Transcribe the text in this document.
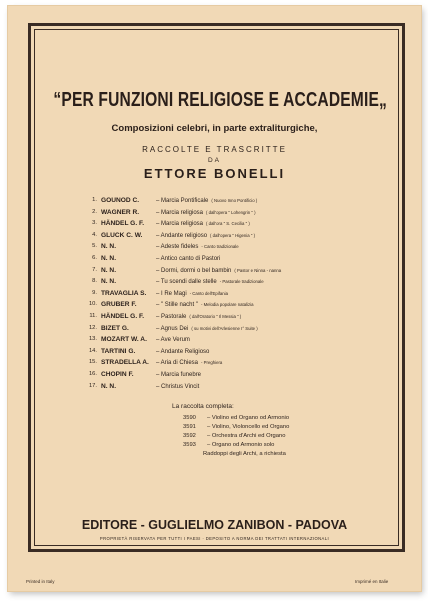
“PER FUNZIONI RELIGIOSE E ACCADEMIE„
Composizioni celebri, in parte extraliturgiche,
RACCOLTE E TRASCRITTE
DA
ETTORE BONELLI
1. GOUNOD C.	– Marcia Pontificale ( Nuovo Inno Pontificio )
2. WAGNER R.	– Marcia religiosa ( dall'opera " Lohengrin " )
3. HÄNDEL G. F. – Marcia religiosa ( dall'ora " S. Cecilia " )
4. GLUCK C. W. – Andante religioso ( dall'opera " Higenia " )
5. N. N.	– Adeste fideles - Canto tradizionale
6. N. N.	– Antico canto di Pastori
7. N. N.	– Dormi, dormi o bel bambin ( Pastor e Ninna - nanna
8. N. N.	– Tu scendi dalle stelle - Pastorale tradizionale
9. TRAVAGLIA S. – I Re Magi - Canto dell'Epifania
10. GRUBER F.	– " Stille nacht " - Melodia popolare natalizia
11. HÄNDEL G. F. – Pastorale ( dall'Oratorio " Il Messia " )
12. BIZET G.	– Agnus Dei ( su motivi dell'Arlesienne I° Suite )
13. MOZART W. A. – Ave Verum
14. TARTINI G.	– Andante Religioso
15. STRADELLA A. – Aria di Chiesa - Preghiera
16. CHOPIN F.	– Marcia funebre
17. N. N.	– Christus Vincit
La raccolta completa:
3590 – Violino ed Organo od Armonio
3591 – Violino, Violoncello ed Organo
3592 – Orchestra d'Archi ed Organo
3593 – Organo od Armonio solo
Raddoppi degli Archi, a richiesta
EDITORE - GUGLIELMO ZANIBON - PADOVA
PROPRIETÀ RISERVATA PER TUTTI I PAESI · DEPOSITO A NORMA DEI TRATTATI INTERNAZIONALI
Printed in Italy	Imprimé en Italie
